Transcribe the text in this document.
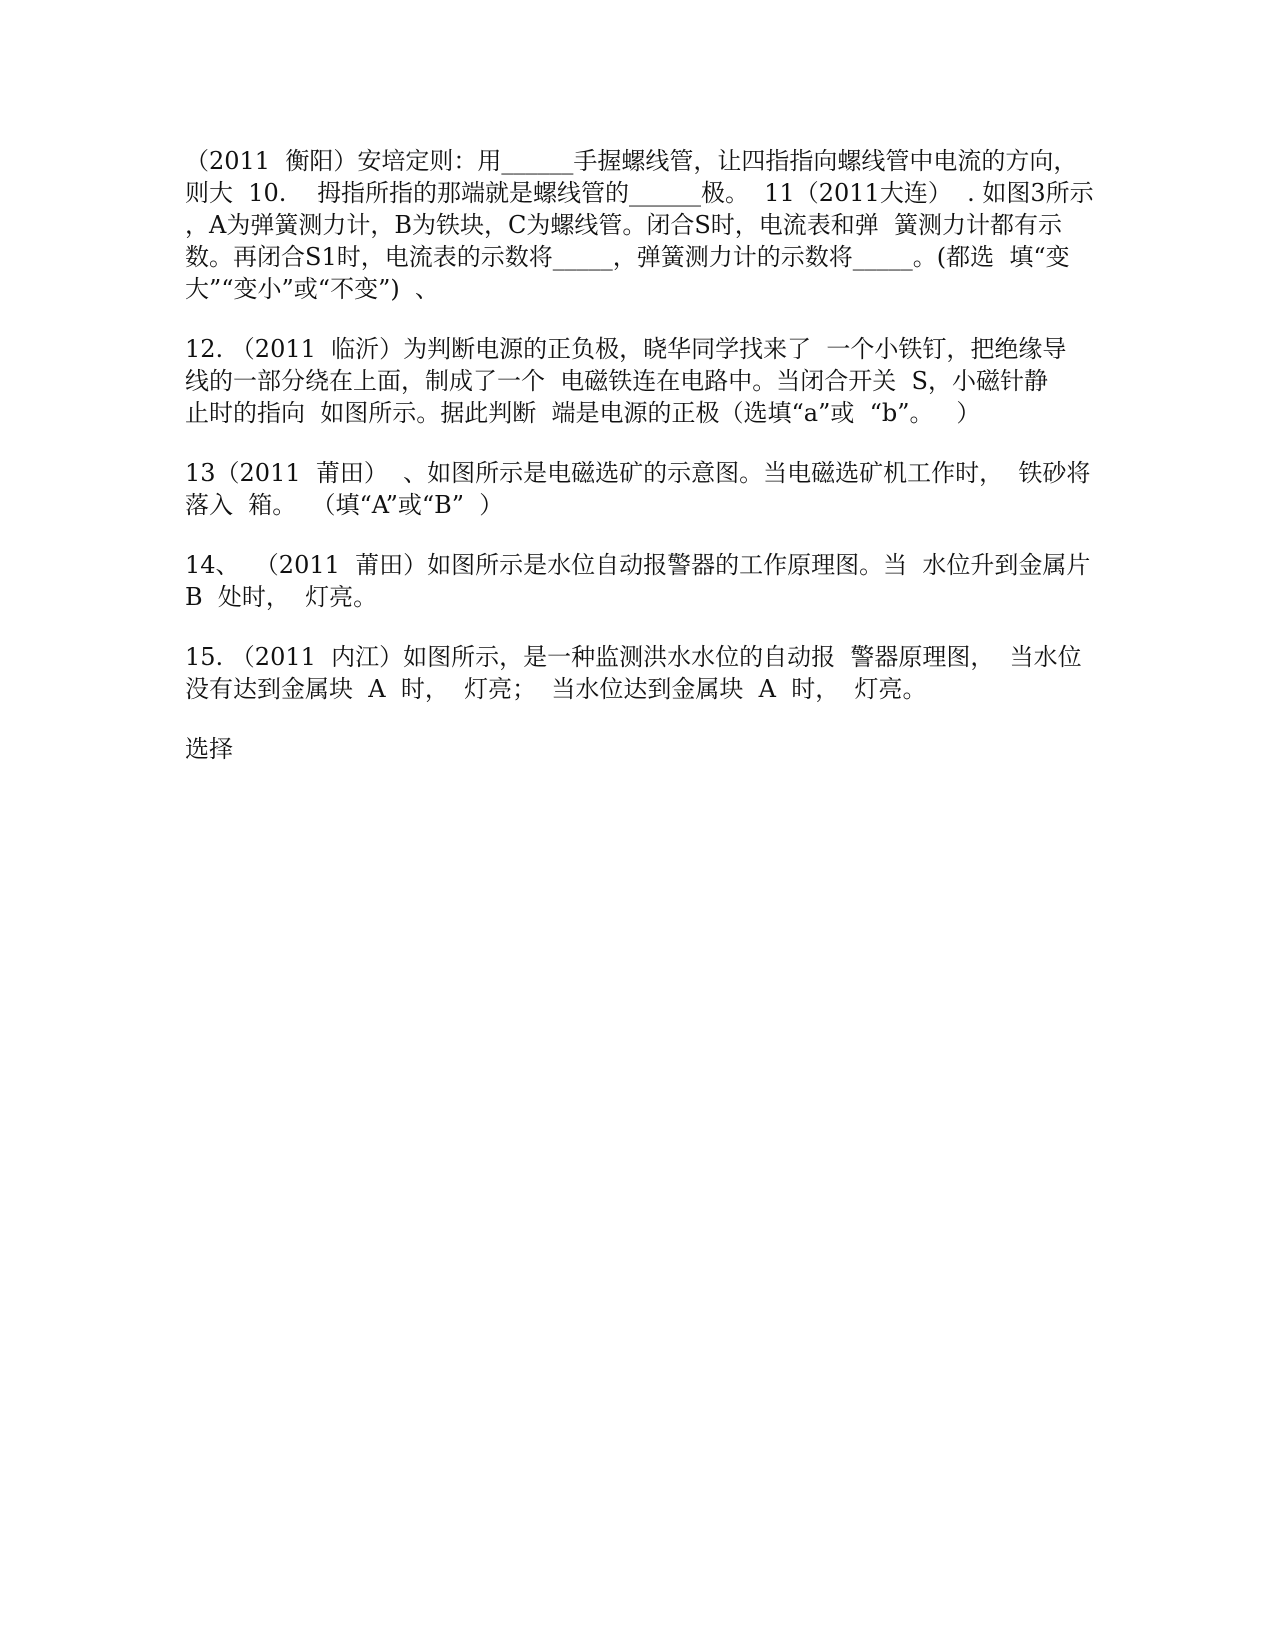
（2011  衡阳）安培定则：用______手握螺线管，让四指指向螺线管中电流的方向，
则大  10.    拇指所指的那端就是螺线管的______极。  11（2011大连）  . 如图3所示
，A为弹簧测力计，B为铁块，C为螺线管。闭合S时，电流表和弹  簧测力计都有示
数。再闭合S1时，电流表的示数将_____，弹簧测力计的示数将_____。(都选  填“变
大”“变小”或“不变”)  、
12. （2011  临沂）为判断电源的正负极，晓华同学找来了  一个小铁钉，把绝缘导
线的一部分绕在上面，制成了一个  电磁铁连在电路中。当闭合开关  S，小磁针静
止时的指向  如图所示。据此判断  端是电源的正极（选填“a”或  “b”。   ）
13（2011  莆田）  、如图所示是电磁选矿的示意图。当电磁选矿机工作时，  铁砂将
落入  箱。  （填“A”或“B”  ）
14、  （2011  莆田）如图所示是水位自动报警器的工作原理图。当  水位升到金属片
B  处时，  灯亮。
15. （2011  内江）如图所示，是一种监测洪水水位的自动报  警器原理图，  当水位
没有达到金属块  A  时，  灯亮；  当水位达到金属块  A  时，  灯亮。
选择
